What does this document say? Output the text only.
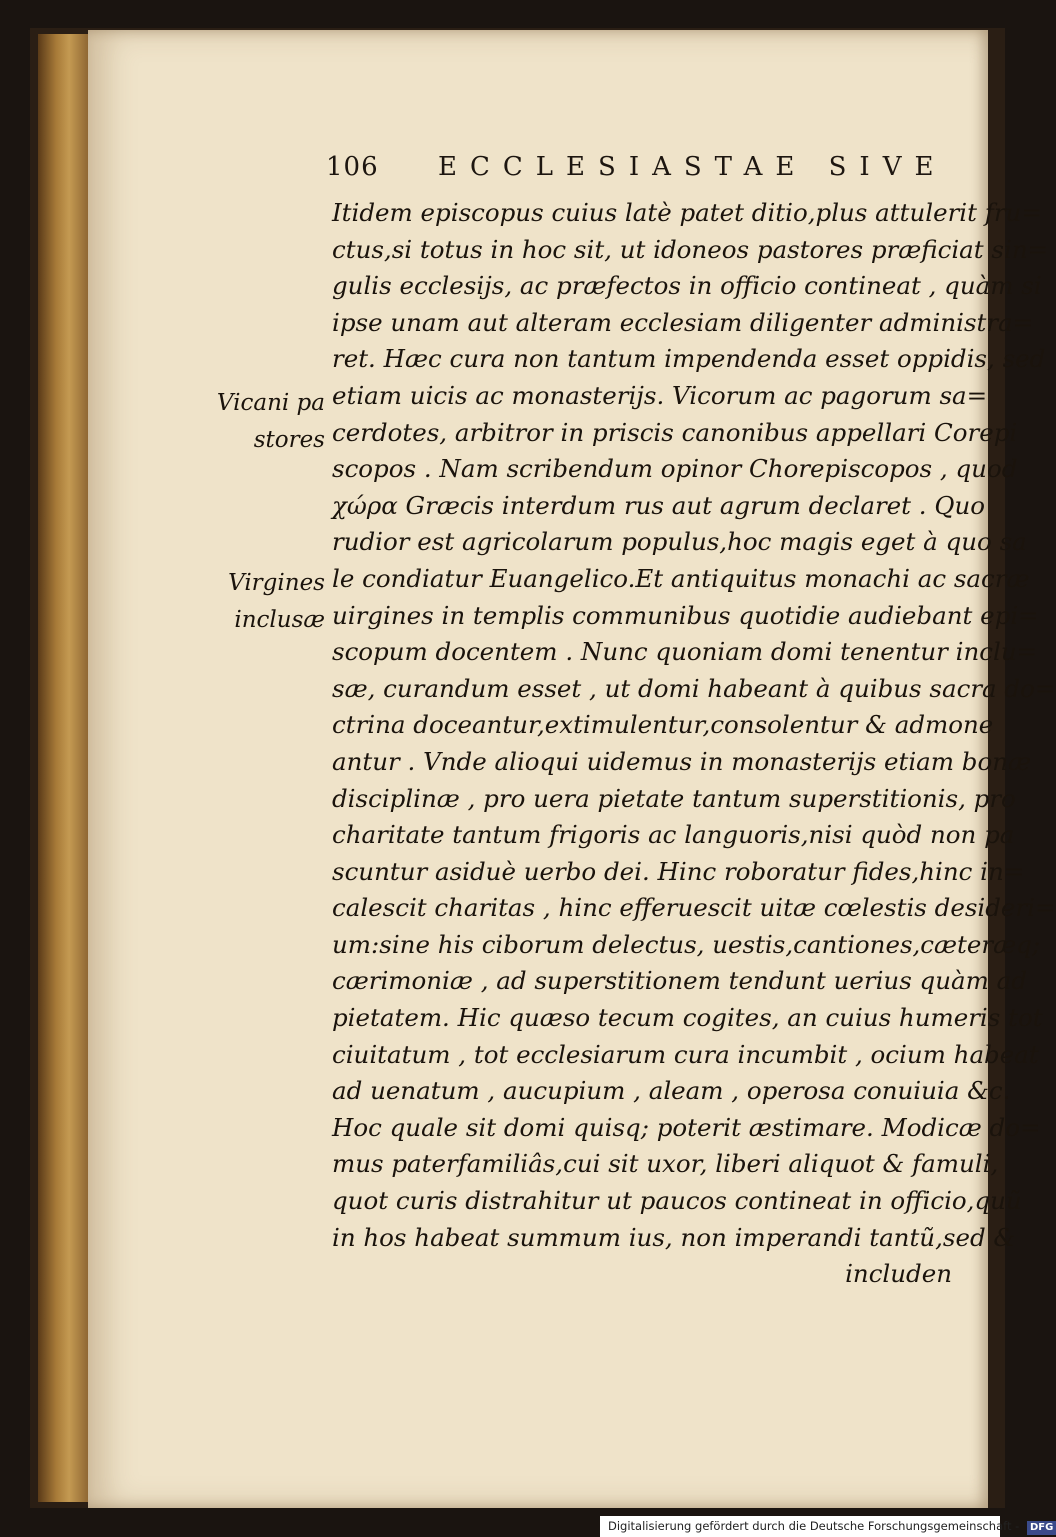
106 ECCLESIASTAE SIVE
Vicani pa
stores
Virgines
inclusæ
Itidem episcopus cuius latè patet ditio,plus attulerit fru=
ctus,si totus in hoc sit, ut idoneos pastores præficiat sin=
gulis ecclesijs, ac præfectos in officio contineat , quàm si
ipse unam aut alteram ecclesiam diligenter administra=
ret. Hæc cura non tantum impendenda esset oppidis, sed
etiam uicis ac monasterijs. Vicorum ac pagorum sa=
cerdotes, arbitror in priscis canonibus appellari Corepi
scopos . Nam scribendum opinor Chorepiscopos , quod
χώρα Græcis interdum rus aut agrum declaret . Quo
rudior est agricolarum populus,hoc magis eget à quo sa
le condiatur Euangelico.Et antiquitus monachi ac sacræ
uirgines in templis communibus quotidie audiebant epi=
scopum docentem . Nunc quoniam domi tenentur inclu=
sæ, curandum esset , ut domi habeant à quibus sacra do=
ctrina doceantur,extimulentur,consolentur & admone
antur . Vnde alioqui uidemus in monasterijs etiam bonæ
disciplinæ , pro uera pietate tantum superstitionis, pro
charitate tantum frigoris ac languoris,nisi quòd non pa
scuntur asiduè uerbo dei. Hinc roboratur fides,hinc in=
calescit charitas , hinc efferuescit uitæ cœlestis desideri=
um:sine his ciborum delectus, uestis,cantiones,cæteræq;
cærimoniæ , ad superstitionem tendunt uerius quàm ad
pietatem. Hic quæso tecum cogites, an cuius humeris tot
ciuitatum , tot ecclesiarum cura incumbit , ocium habeat
ad uenatum , aucupium , aleam , operosa conuiuia &c.
Hoc quale sit domi quisq; poterit æstimare. Modicæ do=
mus paterfamiliâs,cui sit uxor, liberi aliquot & famuli,
quot curis distrahitur ut paucos contineat in officio,quũ
in hos habeat summum ius, non imperandi tantũ,sed &
includen
Digitalisierung gefördert durch die Deutsche Forschungsgemeinschaft - DFG
